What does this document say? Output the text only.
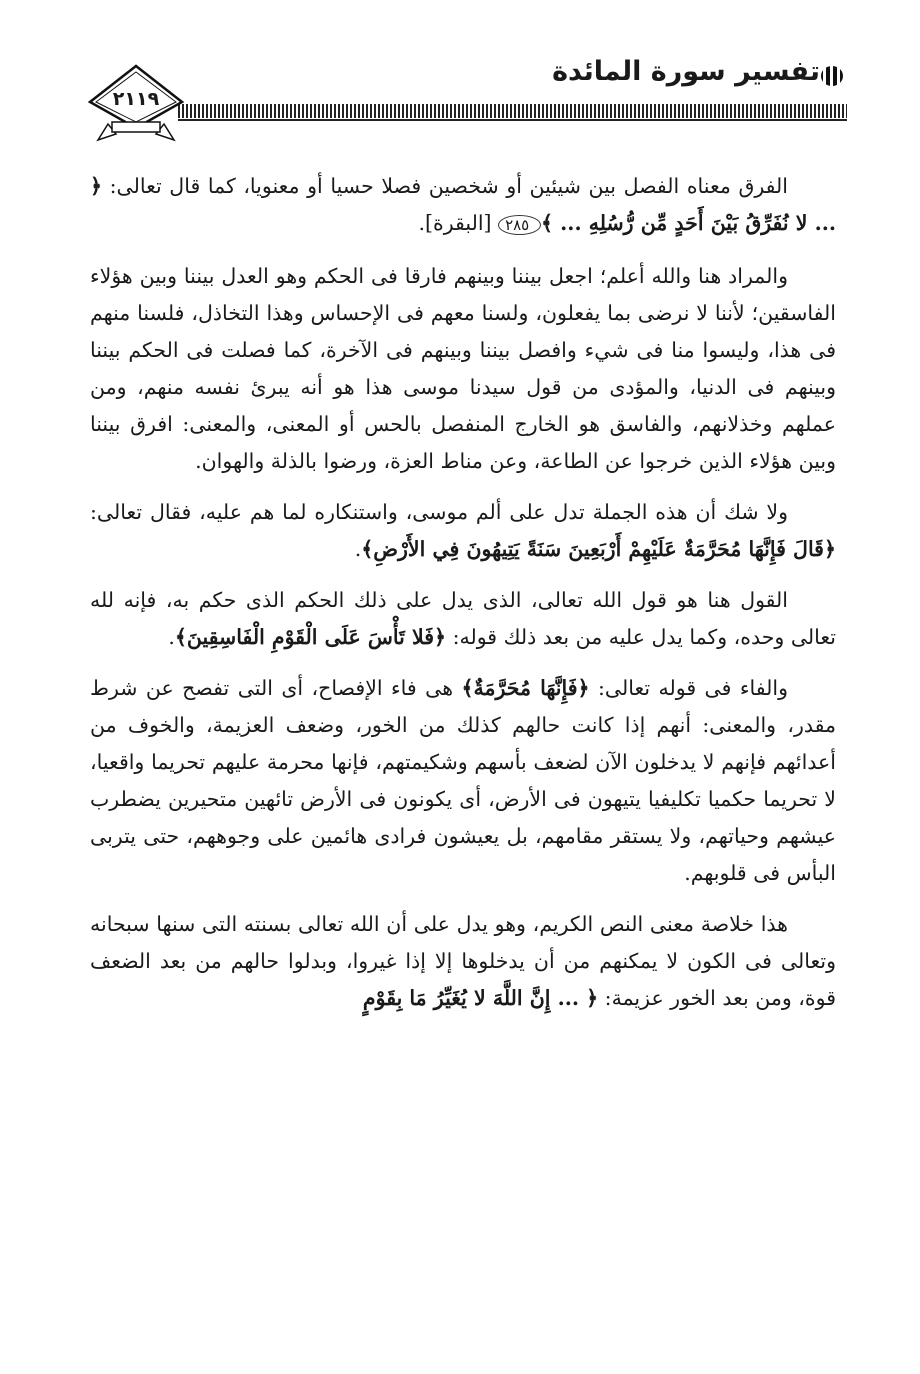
تفسير سورة المائدة
٢١١٩

الفرق معناه الفصل بين شيئين أو شخصين فصلا حسيا أو معنويا، كما قال تعالى: ﴿ ... لا نُفَرِّقُ بَيْنَ أَحَدٍ مِّن رُّسُلِهِ ... ﴾ ٢٨٥ [البقرة].

والمراد هنا والله أعلم؛ اجعل بيننا وبينهم فارقا فى الحكم وهو العدل بيننا وبين هؤلاء الفاسقين؛ لأننا لا نرضى بما يفعلون، ولسنا معهم فى الإحساس وهذا التخاذل، فلسنا منهم فى هذا، وليسوا منا فى شيء وافصل بيننا وبينهم فى الآخرة، كما فصلت فى الحكم بيننا وبينهم فى الدنيا، والمؤدى من قول سيدنا موسى هذا هو أنه يبرئ نفسه منهم، ومن عملهم وخذلانهم، والفاسق هو الخارج المنفصل بالحس أو المعنى، والمعنى: افرق بيننا وبين هؤلاء الذين خرجوا عن الطاعة، وعن مناط العزة، ورضوا بالذلة والهوان.

ولا شك أن هذه الجملة تدل على ألم موسى، واستنكاره لما هم عليه، فقال تعالى: ﴿قَالَ فَإِنَّهَا مُحَرَّمَةٌ عَلَيْهِمْ أَرْبَعِينَ سَنَةً يَتِيهُونَ فِي الأَرْضِ﴾.

القول هنا هو قول الله تعالى، الذى يدل على ذلك الحكم الذى حكم به، فإنه لله تعالى وحده، وكما يدل عليه من بعد ذلك قوله: ﴿فَلا تَأْسَ عَلَى الْقَوْمِ الْفَاسِقِينَ﴾.

والفاء فى قوله تعالى: ﴿فَإِنَّهَا مُحَرَّمَةٌ﴾ هى فاء الإفصاح، أى التى تفصح عن شرط مقدر، والمعنى: أنهم إذا كانت حالهم كذلك من الخور، وضعف العزيمة، والخوف من أعدائهم فإنهم لا يدخلون الآن لضعف بأسهم وشكيمتهم، فإنها محرمة عليهم تحريما واقعيا، لا تحريما حكميا تكليفيا يتيهون فى الأرض، أى يكونون فى الأرض تائهين متحيرين يضطرب عيشهم وحياتهم، ولا يستقر مقامهم، بل يعيشون فرادى هائمين على وجوههم، حتى يتربى البأس فى قلوبهم.

هذا خلاصة معنى النص الكريم، وهو يدل على أن الله تعالى بسنته التى سنها سبحانه وتعالى فى الكون لا يمكنهم من أن يدخلوها إلا إذا غيروا، وبدلوا حالهم من بعد الضعف قوة، ومن بعد الخور عزيمة: ﴿ ... إِنَّ اللَّهَ لا يُغَيِّرُ مَا بِقَوْمٍ
